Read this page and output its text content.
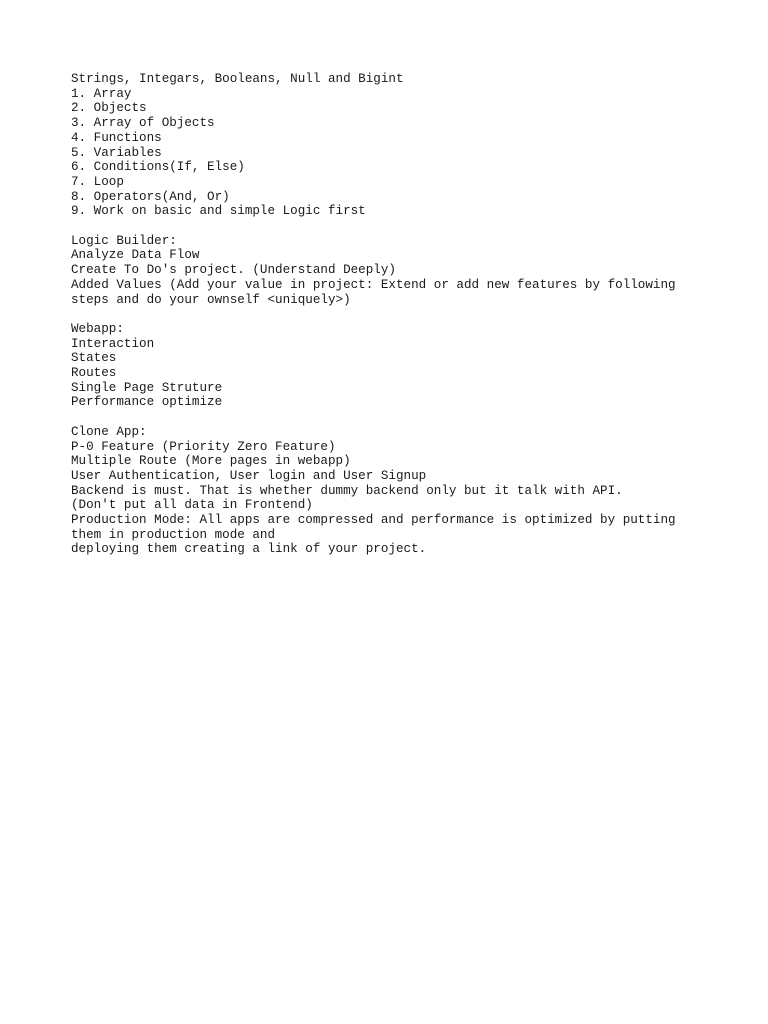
Strings, Integars, Booleans, Null and Bigint
1. Array
2. Objects
3. Array of Objects
4. Functions
5. Variables
6. Conditions(If, Else)
7. Loop
8. Operators(And, Or)
9. Work on basic and simple Logic first
Logic Builder:
Analyze Data Flow
Create To Do's project. (Understand Deeply)
Added Values (Add your value in project: Extend or add new features by following
steps and do your ownself <uniquely>)
Webapp:
Interaction
States
Routes
Single Page Struture
Performance optimize
Clone App:
P-0 Feature (Priority Zero Feature)
Multiple Route (More pages in webapp)
User Authentication, User login and User Signup
Backend is must. That is whether dummy backend only but it talk with API.
(Don't put all data in Frontend)
Production Mode: All apps are compressed and performance is optimized by putting
them in production mode and
deploying them creating a link of your project.
